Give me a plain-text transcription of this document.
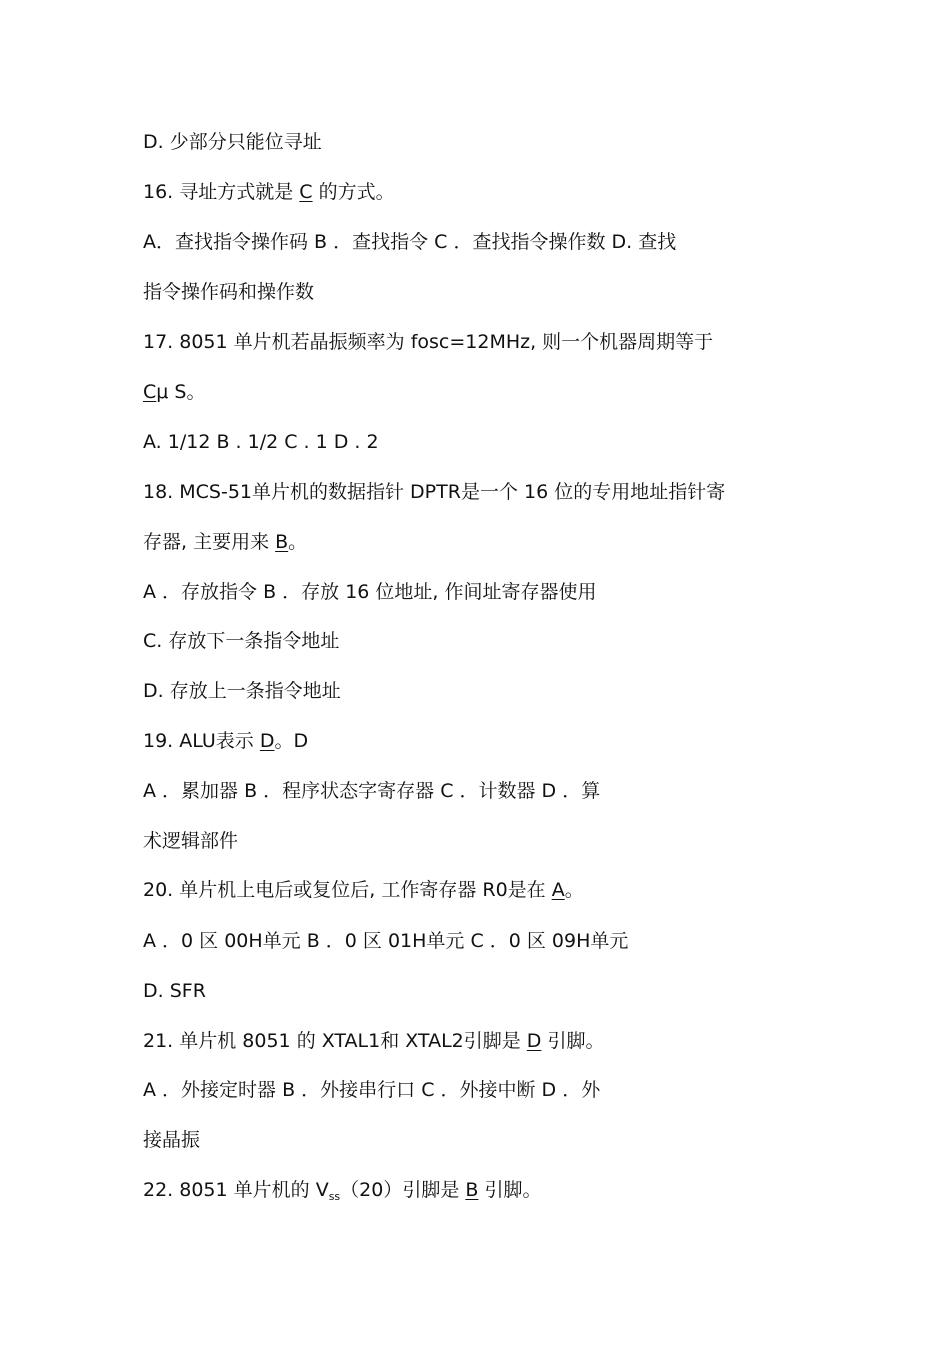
D. 少部分只能位寻址
16. 寻址方式就是 C 的方式。
A．查找指令操作码 B ．查找指令 C ．查找指令操作数 D. 查找
指令操作码和操作数
17. 8051 单片机若晶振频率为 fosc=12MHz, 则一个机器周期等于
Cμ S。
A. 1/12 B . 1/2 C . 1 D . 2
18. MCS-51单片机的数据指针 DPTR是一个 16 位的专用地址指针寄
存器, 主要用来 B。
A ．存放指令 B ．存放 16 位地址, 作间址寄存器使用
C. 存放下一条指令地址
D. 存放上一条指令地址
19. ALU表示 D。D
A ．累加器 B ．程序状态字寄存器 C ．计数器 D ．算
术逻辑部件
20. 单片机上电后或复位后, 工作寄存器 R0是在 A。
A ．0 区 00H单元 B ．0 区 01H单元 C ．0 区 09H单元
D. SFR
21. 单片机 8051 的 XTAL1和 XTAL2引脚是 D 引脚。
A ．外接定时器 B ．外接串行口 C ．外接中断 D ．外
接晶振
22. 8051 单片机的 $V_{ss}(20)$引脚是 B 引脚。
